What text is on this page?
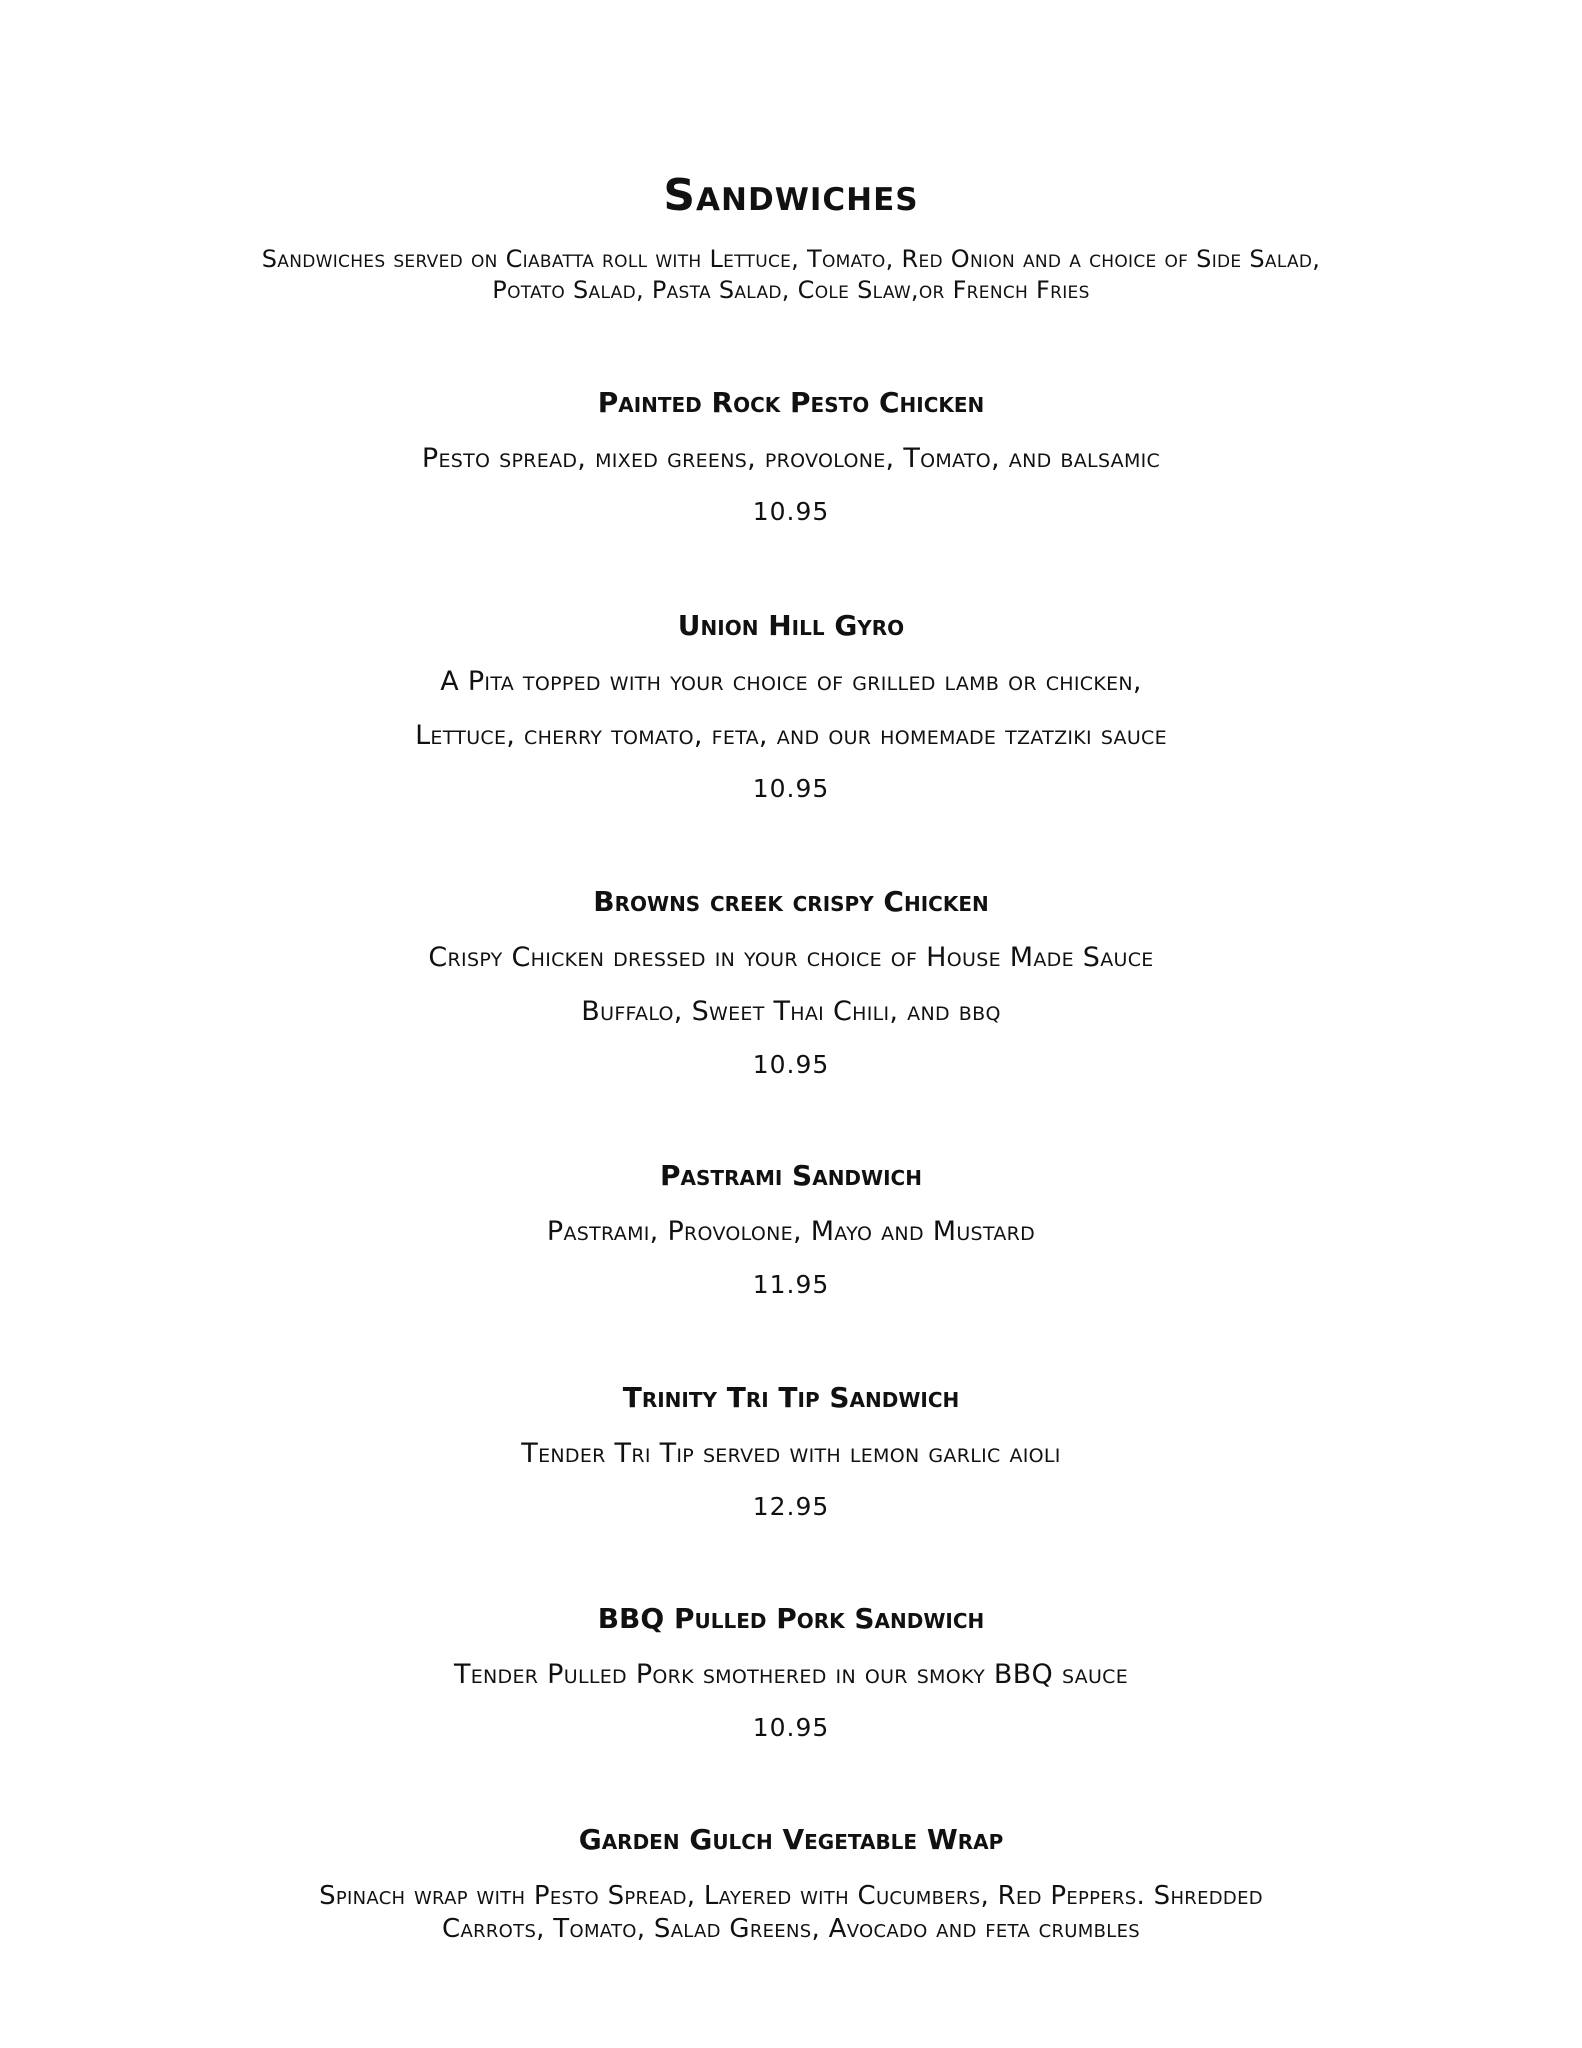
Sandwiches
Sandwiches served on Ciabatta roll with Lettuce, Tomato, Red Onion and a choice of Side Salad,
Potato Salad, Pasta Salad, Cole Slaw,or French Fries

Painted Rock Pesto Chicken

Pesto spread, mixed greens, provolone, Tomato, and balsamic

10.95

Union Hill Gyro

A Pita topped with your choice of grilled lamb or chicken,

Lettuce, cherry tomato, feta, and our homemade tzatziki sauce

10.95

Browns creek crispy Chicken

Crispy Chicken dressed in your choice of House Made Sauce

Buffalo, Sweet Thai Chili, and bbq

10.95

Pastrami Sandwich

Pastrami, Provolone, Mayo and Mustard

11.95

Trinity Tri Tip Sandwich

Tender Tri Tip served with lemon garlic aioli

12.95

BBQ Pulled Pork Sandwich

Tender Pulled Pork smothered in our smoky BBQ sauce

10.95

Garden Gulch Vegetable Wrap

Spinach wrap with Pesto Spread, Layered with Cucumbers, Red Peppers. Shredded
Carrots, Tomato, Salad Greens, Avocado and feta crumbles
